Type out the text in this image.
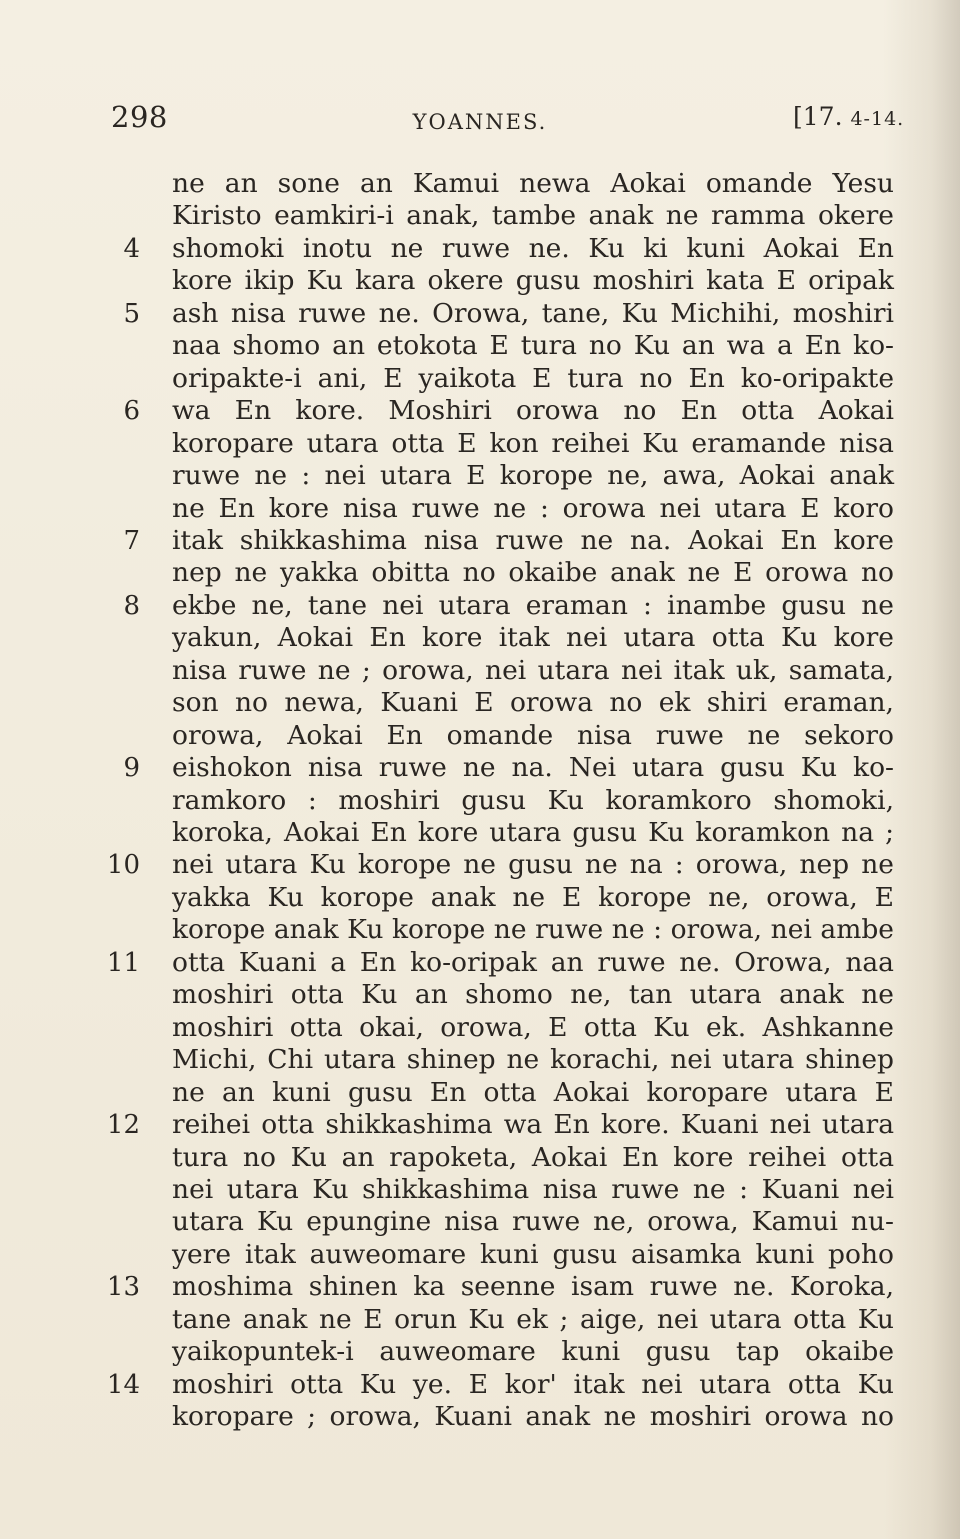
298	YOANNES.	[17. 4-14.
ne an sone an Kamui newa Aokai omande Yesu
Kiristo eamkiri-i anak, tambe anak ne ramma okere
4 shomoki inotu ne ruwe ne. Ku ki kuni Aokai En
kore ikip Ku kara okere gusu moshiri kata E oripak
5 ash nisa ruwe ne. Orowa, tane, Ku Michihi, moshiri
naa shomo an etokota E tura no Ku an wa a En ko-
oripakte-i ani, E yaikota E tura no En ko-oripakte
6 wa En kore. Moshiri orowa no En otta Aokai
koropare utara otta E kon reihei Ku eramande nisa
ruwe ne : nei utara E korope ne, awa, Aokai anak
ne En kore nisa ruwe ne : orowa nei utara E koro
7 itak shikkashima nisa ruwe ne na. Aokai En kore
nep ne yakka obitta no okaibe anak ne E orowa no
8 ekbe ne, tane nei utara eraman : inambe gusu ne
yakun, Aokai En kore itak nei utara otta Ku kore
nisa ruwe ne ; orowa, nei utara nei itak uk, samata,
son no newa, Kuani E orowa no ek shiri eraman,
orowa, Aokai En omande nisa ruwe ne sekoro
9 eishokon nisa ruwe ne na. Nei utara gusu Ku ko-
ramkoro : moshiri gusu Ku koramkoro shomoki,
koroka, Aokai En kore utara gusu Ku koramkon na ;
10 nei utara Ku korope ne gusu ne na : orowa, nep ne
yakka Ku korope anak ne E korope ne, orowa, E
korope anak Ku korope ne ruwe ne : orowa, nei ambe
11 otta Kuani a En ko-oripak an ruwe ne. Orowa, naa
moshiri otta Ku an shomo ne, tan utara anak ne
moshiri otta okai, orowa, E otta Ku ek. Ashkanne
Michi, Chi utara shinep ne korachi, nei utara shinep
ne an kuni gusu En otta Aokai koropare utara E
12 reihei otta shikkashima wa En kore. Kuani nei utara
tura no Ku an rapoketa, Aokai En kore reihei otta
nei utara Ku shikkashima nisa ruwe ne : Kuani nei
utara Ku epungine nisa ruwe ne, orowa, Kamui nu-
yere itak auweomare kuni gusu aisamka kuni poho
13 moshima shinen ka seenne isam ruwe ne. Koroka,
tane anak ne E orun Ku ek ; aige, nei utara otta Ku
yaikopuntek-i auweomare kuni gusu tap okaibe
14 moshiri otta Ku ye. E kor' itak nei utara otta Ku
koropare ; orowa, Kuani anak ne moshiri orowa no
